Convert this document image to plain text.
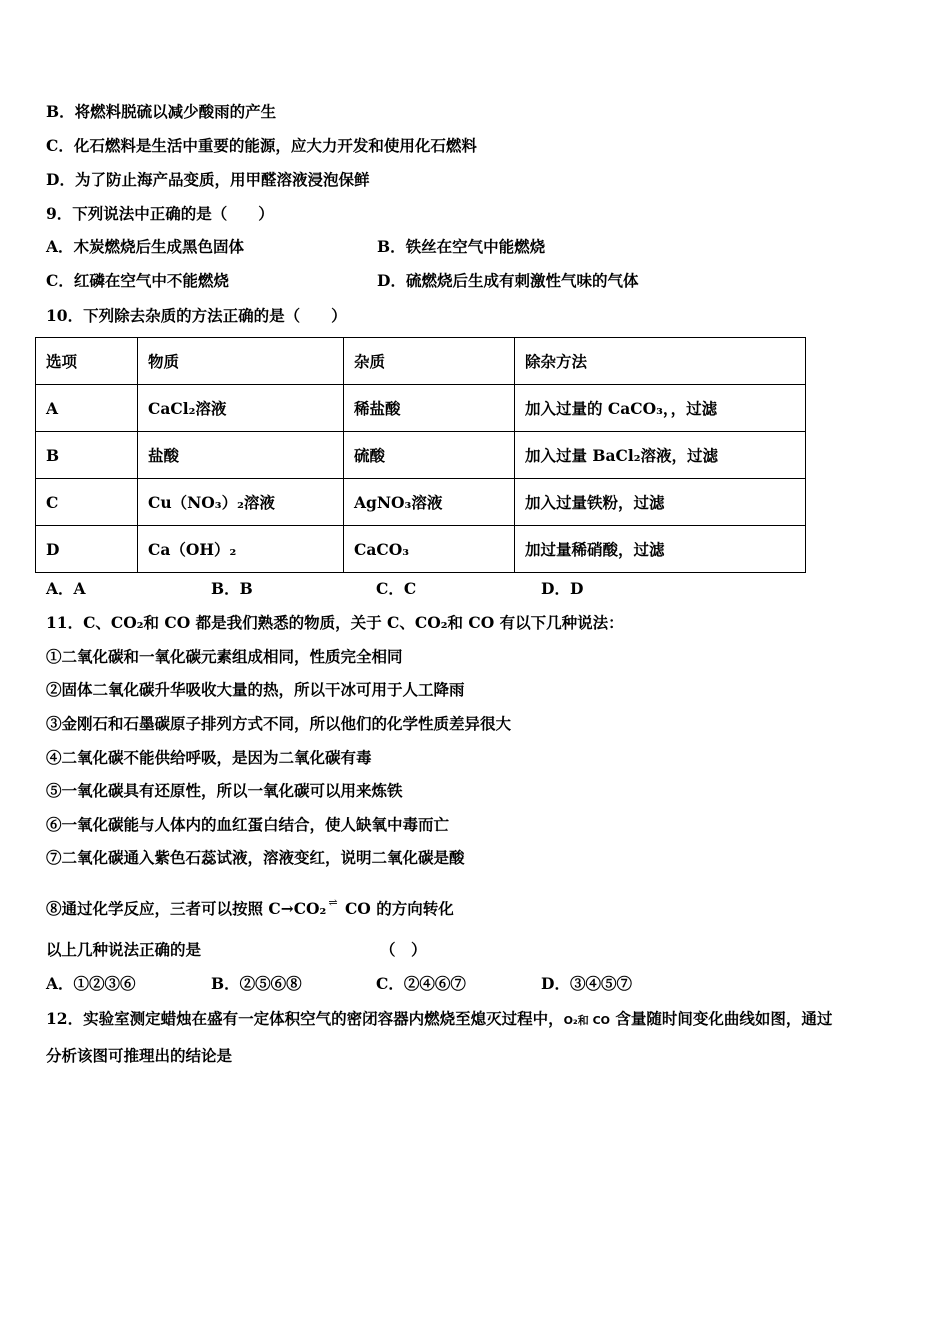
B．将燃料脱硫以减少酸雨的产生
C．化石燃料是生活中重要的能源，应大力开发和使用化石燃料
D．为了防止海产品变质，用甲醛溶液浸泡保鲜
9．下列说法中正确的是（　　）
A．木炭燃烧后生成黑色固体	B．铁丝在空气中能燃烧
C．红磷在空气中不能燃烧	D．硫燃烧后生成有刺激性气味的气体
10．下列除去杂质的方法正确的是（　　）
选项	物质	杂质	除杂方法
A	CaCl₂溶液	稀盐酸	加入过量的 CaCO₃，，过滤
B	盐酸	硫酸	加入过量 BaCl₂溶液，过滤
C	Cu（NO₃）₂溶液	AgNO₃溶液	加入过量铁粉，过滤
D	Ca（OH）₂	CaCO₃	加过量稀硝酸，过滤
A．A	B．B	C．C	D．D
11．C、CO₂和 CO 都是我们熟悉的物质，关于 C、CO₂和 CO 有以下几种说法：
①二氧化碳和一氧化碳元素组成相同，性质完全相同
②固体二氧化碳升华吸收大量的热，所以干冰可用于人工降雨
③金刚石和石墨碳原子排列方式不同，所以他们的化学性质差异很大
④二氧化碳不能供给呼吸，是因为二氧化碳有毒
⑤一氧化碳具有还原性，所以一氧化碳可以用来炼铁
⑥一氧化碳能与人体内的血红蛋白结合，使人缺氧中毒而亡
⑦二氧化碳通入紫色石蕊试液，溶液变红，说明二氧化碳是酸
⑧通过化学反应，三者可以按照 C→CO₂ ⇌ CO 的方向转化
以上几种说法正确的是	（　）
A．①②③⑥	B．②⑤⑥⑧	C．②④⑥⑦	D．③④⑤⑦
12．实验室测定蜡烛在盛有一定体积空气的密闭容器内燃烧至熄灭过程中，O₂和 CO 含量随时间变化曲线如图，通过
分析该图可推理出的结论是
